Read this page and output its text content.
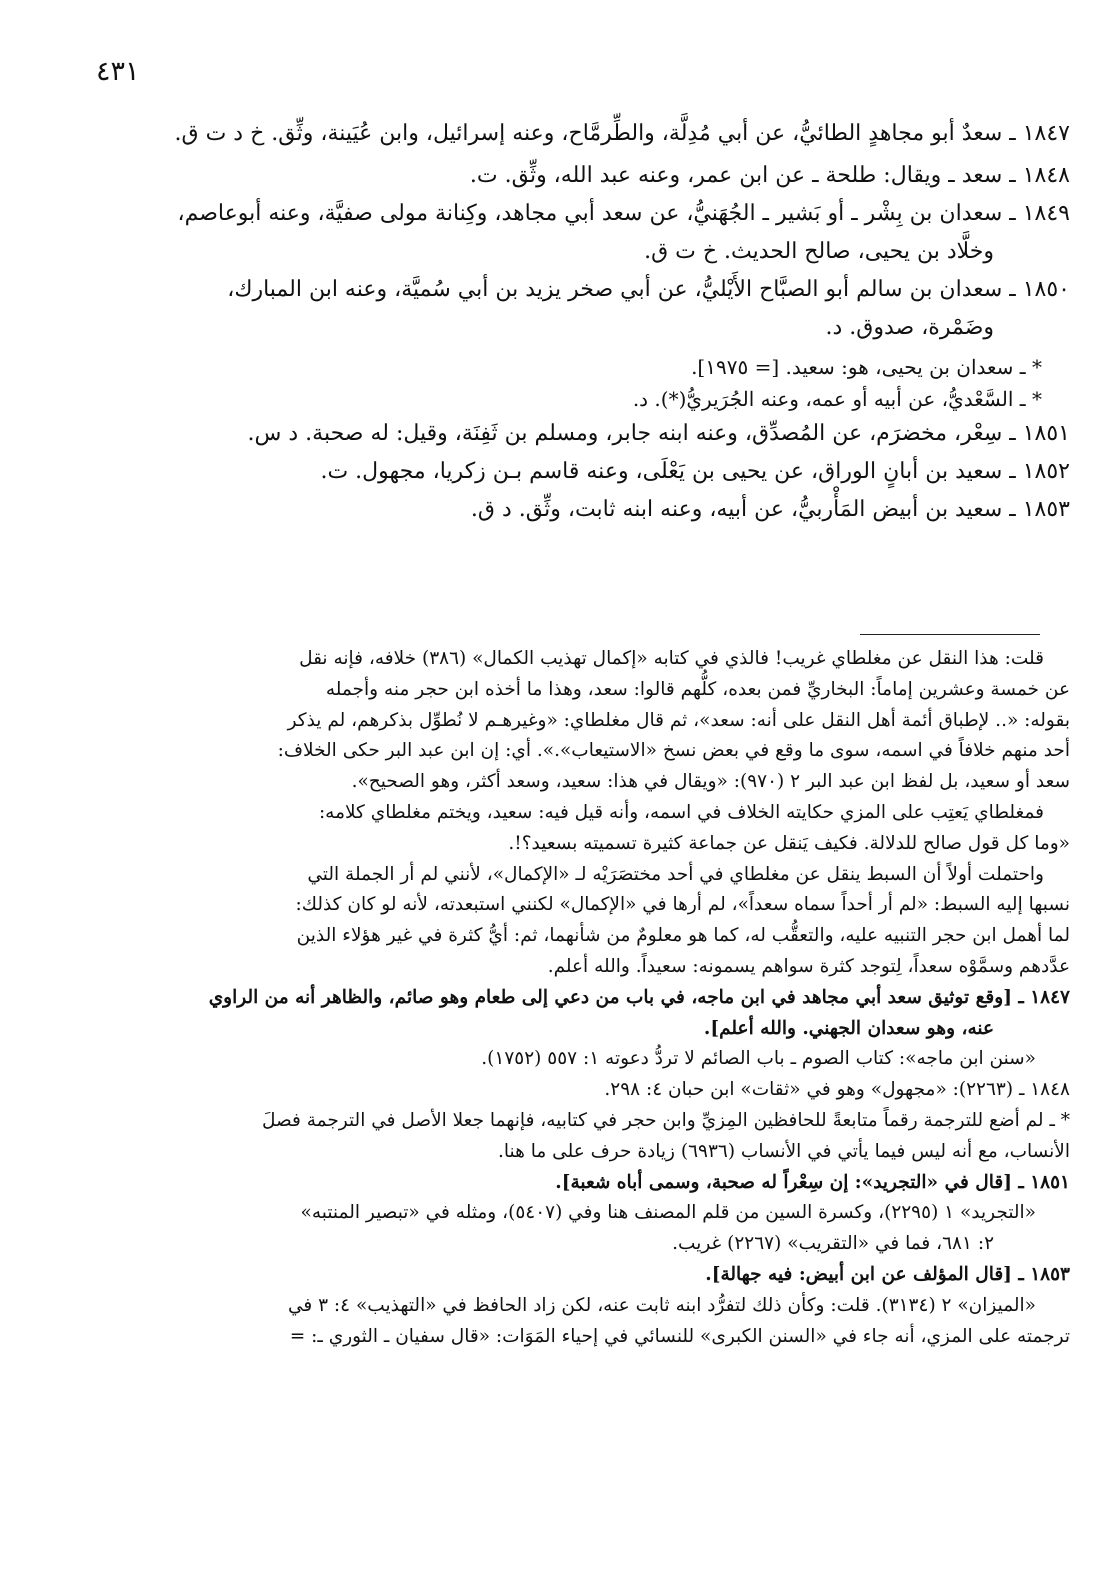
٤٣١

١٨٤٧ ـ سعدٌ أبو مجاهدٍ الطائيُّ، عن أبي مُدِلَّة، والطِّرمَّاح، وعنه إسرائيل، وابن عُيَينة، وثِّق. خ د ت ق.

١٨٤٨ ـ سعد ـ ويقال: طلحة ـ عن ابن عمر، وعنه عبد الله، وثِّق. ت.

١٨٤٩ ـ سعدان بن بِشْر ـ أو بَشير ـ الجُهَنيُّ، عن سعد أبي مجاهد، وكِنانة مولى صفيَّة، وعنه أبوعاصم،

وخلَّاد بن يحيى، صالح الحديث. خ ت ق.

١٨٥٠ ـ سعدان بن سالم أبو الصبَّاح الأَيْليُّ، عن أبي صخر يزيد بن أبي سُميَّة، وعنه ابن المبارك،

وضَمْرة، صدوق. د.

* ـ سعدان بن يحيى، هو: سعيد. [= ١٩٧٥].

* ـ السَّعْديُّ، عن أبيه أو عمه، وعنه الجُرَيريُّ(*). د.

١٨٥١ ـ سِعْر، مخضرَم، عن المُصدِّق، وعنه ابنه جابر، ومسلم بن ثَفِنَة، وقيل: له صحبة. د س.

١٨٥٢ ـ سعيد بن أبانٍ الوراق، عن يحيى بن يَعْلَى، وعنه قاسم بـن زكريا، مجهول. ت.

١٨٥٣ ـ سعيد بن أبيض المَأْربيُّ، عن أبيه، وعنه ابنه ثابت، وثِّق. د ق.

قلت: هذا النقل عن مغلطاي غريب! فالذي في كتابه «إكمال تهذيب الكمال» (٣٨٦) خلافه، فإنه نقل

عن خمسة وعشرين إماماً: البخاريِّ فمن بعده، كلُّهم قالوا: سعد، وهذا ما أخذه ابن حجر منه وأجمله

بقوله: «.. لإطباق أئمة أهل النقل على أنه: سعد»، ثم قال مغلطاي: «وغيرهـم لا نُطوِّل بذكرهم، لم يذكر

أحد منهم خلافاً في اسمه، سوى ما وقع في بعض نسخ «الاستيعاب».». أي: إن ابن عبد البر حكى الخلاف:

سعد أو سعيد، بل لفظ ابن عبد البر ٢ (٩٧٠): «ويقال في هذا: سعيد، وسعد أكثر، وهو الصحيح».

فمغلطاي يَعتِب على المزي حكايته الخلاف في اسمه، وأنه قيل فيه: سعيد، ويختم مغلطاي كلامه:

«وما كل قول صالح للدلالة. فكيف يَنقل عن جماعة كثيرة تسميته بسعيد؟!.

واحتملت أولاً أن السبط ينقل عن مغلطاي في أحد مختصَرَيْه لـ «الإكمال»، لأنني لم أر الجملة التي

نسبها إليه السبط: «لم أر أحداً سماه سعداً»، لم أرها في «الإكمال» لكنني استبعدته، لأنه لو كان كذلك:

لما أهمل ابن حجر التنبيه عليه، والتعقُّب له، كما هو معلومٌ من شأنهما، ثم: أيُّ كثرة في غير هؤلاء الذين

عدَّدهم وسمَّوْه سعداً، لِتوجد كثرة سواهم يسمونه: سعيداً. والله أعلم.

١٨٤٧ ـ [وقع توثيق سعد أبي مجاهد في ابن ماجه، في باب من دعي إلى طعام وهو صائم، والظاهر أنه من الراوي

عنه، وهو سعدان الجهني. والله أعلم].

«سنن ابن ماجه»: كتاب الصوم ـ باب الصائم لا تردُّ دعوته ١: ٥٥٧ (١٧٥٢).

١٨٤٨ ـ (٢٢٦٣): «مجهول» وهو في «ثقات» ابن حبان ٤: ٢٩٨.

* ـ لم أضع للترجمة رقماً متابعةً للحافظين المِزيِّ وابن حجر في كتابيه، فإنهما جعلا الأصل في الترجمة فصلَ

الأنساب، مع أنه ليس فيما يأتي في الأنساب (٦٩٣٦) زيادة حرف على ما هنا.

١٨٥١ ـ [قال في «التجريد»: إن سِعْراً له صحبة، وسمى أباه شعبة].

«التجريد» ١ (٢٢٩٥)، وكسرة السين من قلم المصنف هنا وفي (٥٤٠٧)، ومثله في «تبصير المنتبه»

٢: ٦٨١، فما في «التقريب» (٢٢٦٧) غريب.

١٨٥٣ ـ [قال المؤلف عن ابن أبيض: فيه جهالة].

«الميزان» ٢ (٣١٣٤). قلت: وكأن ذلك لتفرُّد ابنه ثابت عنه، لكن زاد الحافظ في «التهذيب» ٤: ٣ في

ترجمته على المزي، أنه جاء في «السنن الكبرى» للنسائي في إحياء المَوَات: «قال سفيان ـ الثوري ـ: =
